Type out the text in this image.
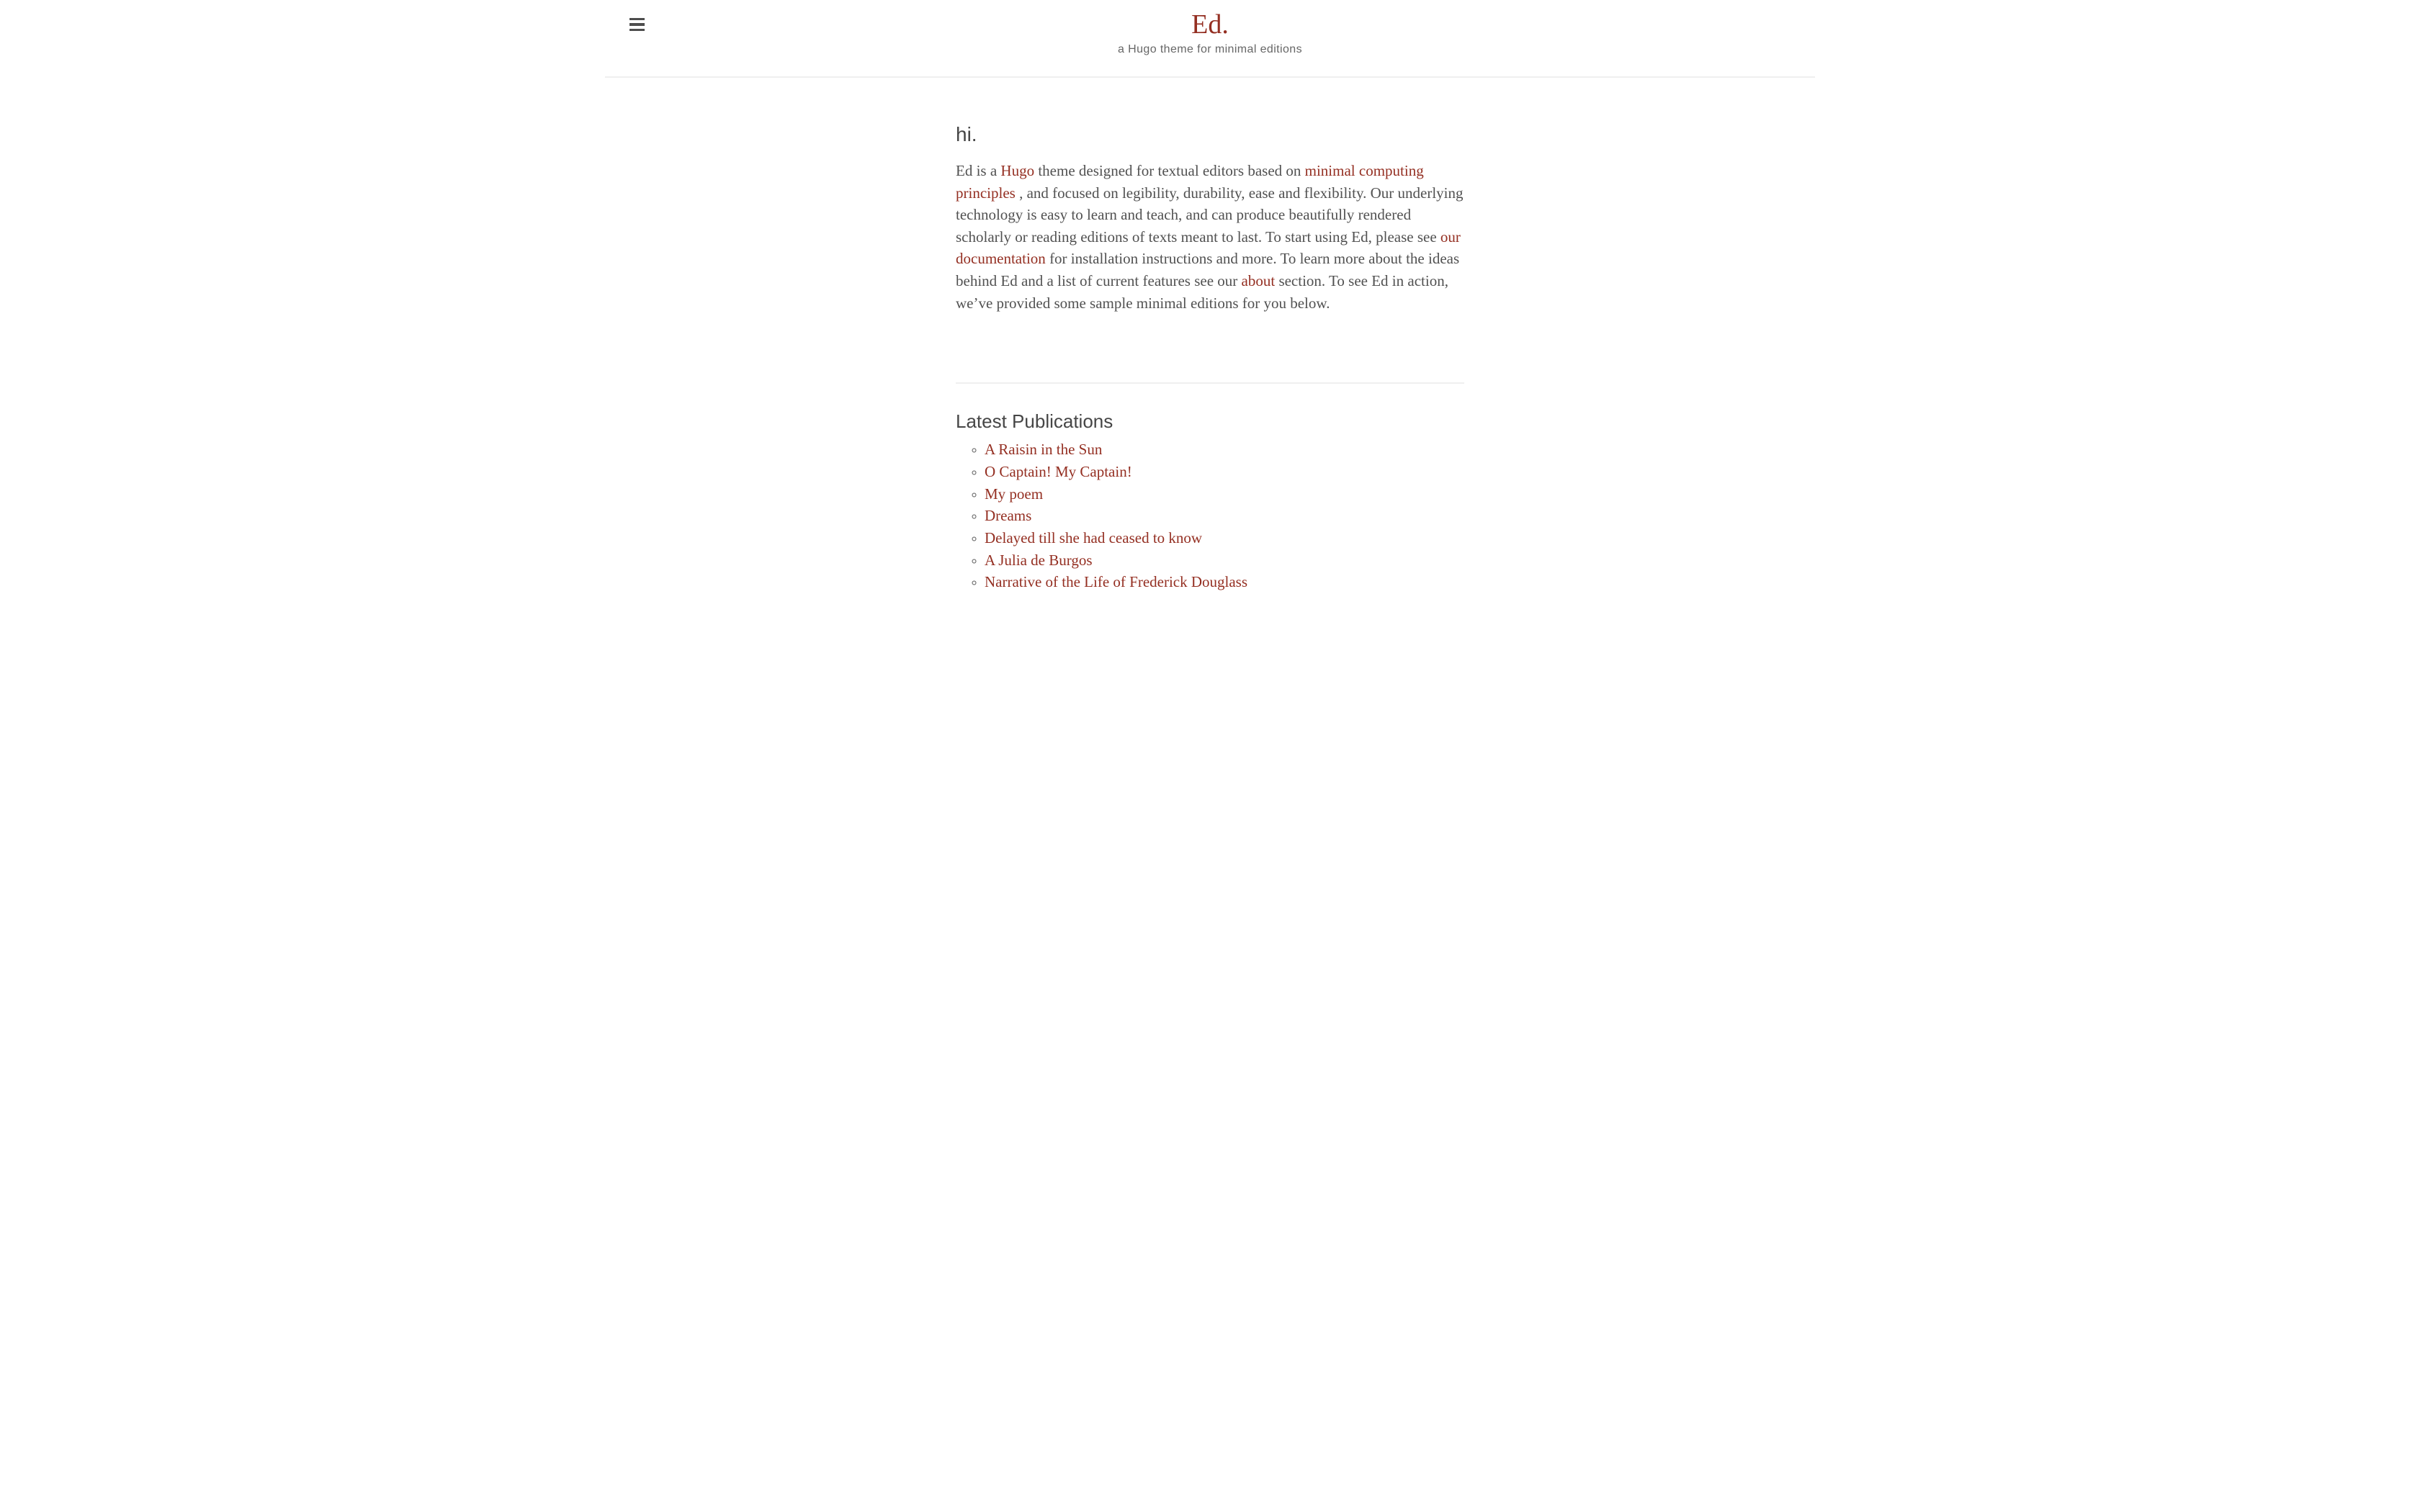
Ed.
a Hugo theme for minimal editions
hi.

Ed is a Hugo theme designed for textual editors based on minimal computing principles , and focused on legibility, durability, ease and flexibility. Our underlying technology is easy to learn and teach, and can produce beautifully rendered scholarly or reading editions of texts meant to last. To start using Ed, please see our documentation for installation instructions and more. To learn more about the ideas behind Ed and a list of current features see our about section. To see Ed in action, we’ve provided some sample minimal editions for you below.

Latest Publications
◦ A Raisin in the Sun
◦ O Captain! My Captain!
◦ My poem
◦ Dreams
◦ Delayed till she had ceased to know
◦ A Julia de Burgos
◦ Narrative of the Life of Frederick Douglass
